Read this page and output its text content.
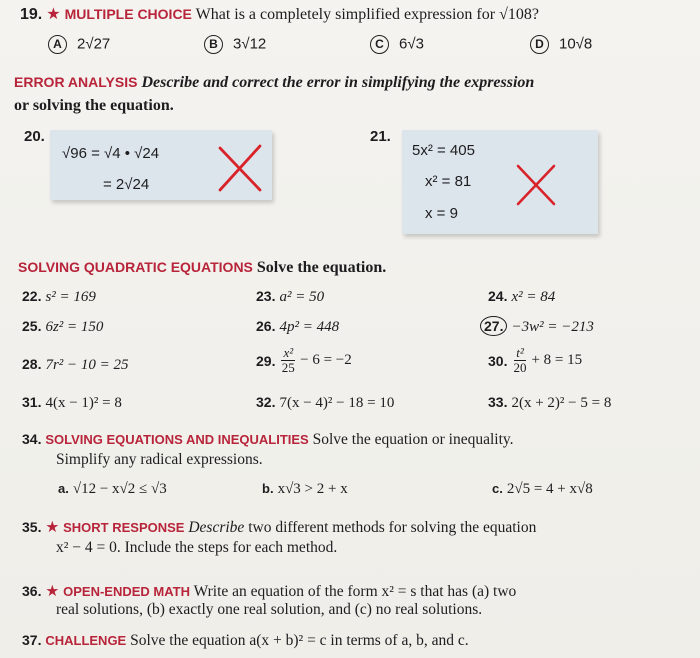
19. ★ MULTIPLE CHOICE What is a completely simplified expression for √108?
A 2√27	B 3√12	C 6√3	D 10√8
ERROR ANALYSIS Describe and correct the error in simplifying the expression
or solving the equation.
20.
√96 = √4 • √24
= 2√24
21.
5x² = 405
x² = 81
x = 9
SOLVING QUADRATIC EQUATIONS Solve the equation.
22. s² = 169	23. a² = 50	24. x² = 84
25. 6z² = 150	26. 4p² = 448	27. −3w² = −213
28. 7r² − 10 = 25	29. $\frac{\text{x²}}{25} - 6 = -2$	30. $\frac{\text{t²}}{20} + 8 = 15$
31. 4(x − 1)² = 8	32. 7(x − 4)² − 18 = 10	33. 2(x + 2)² − 5 = 8
34. SOLVING EQUATIONS AND INEQUALITIES Solve the equation or inequality.
Simplify any radical expressions.
a. √12 − x√2 ≤ √3	b. x√3 > 2 + x	c. 2√5 = 4 + x√8
35. ★ SHORT RESPONSE Describe two different methods for solving the equation
x² − 4 = 0. Include the steps for each method.
36. ★ OPEN-ENDED MATH Write an equation of the form x² = s that has (a) two
real solutions, (b) exactly one real solution, and (c) no real solutions.
37. CHALLENGE Solve the equation a(x + b)² = c in terms of a, b, and c.
